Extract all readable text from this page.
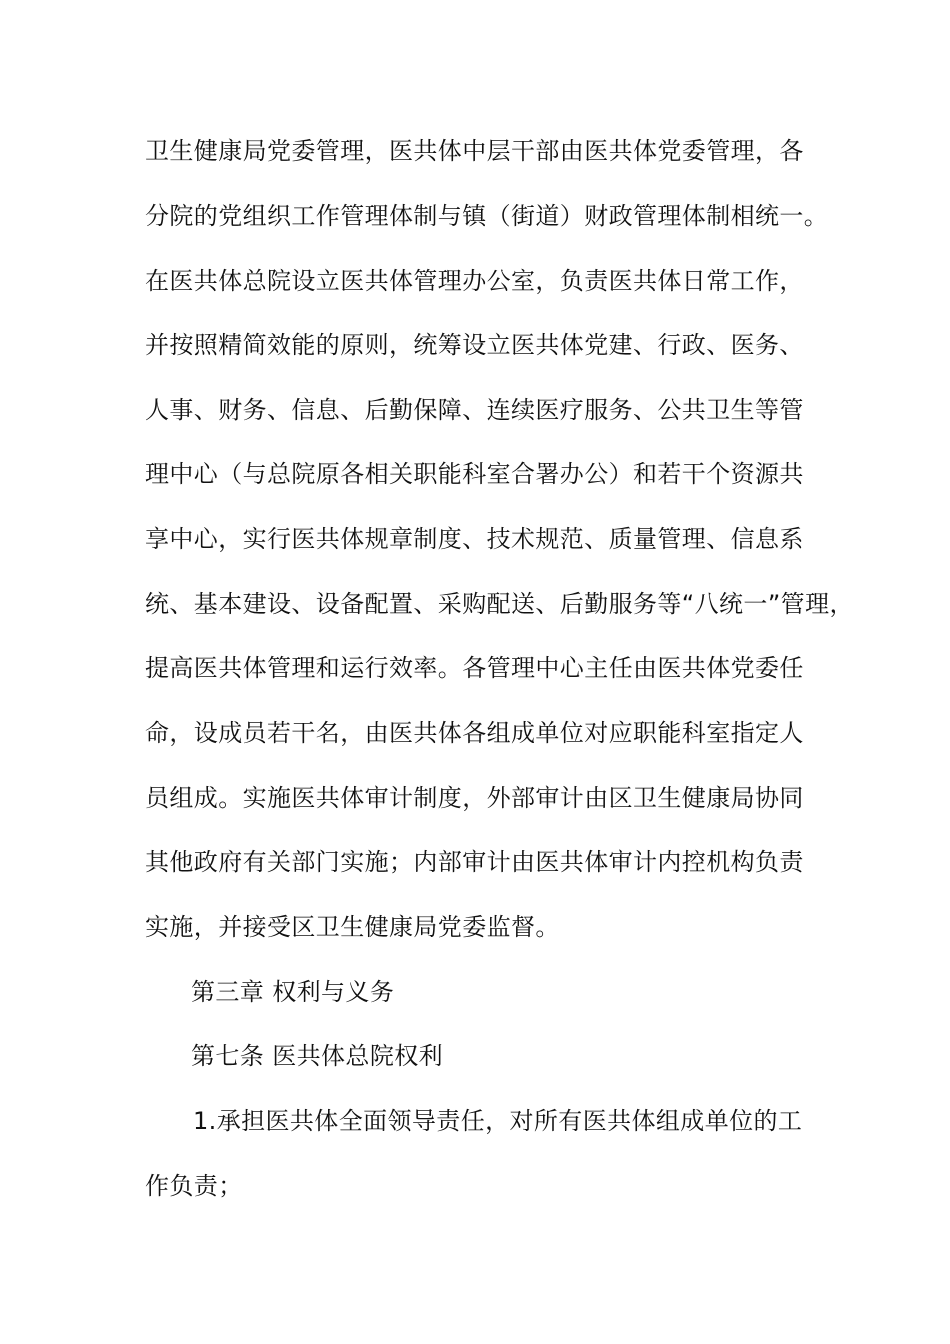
卫生健康局党委管理，医共体中层干部由医共体党委管理，各
分院的党组织工作管理体制与镇（街道）财政管理体制相统一。
在医共体总院设立医共体管理办公室，负责医共体日常工作，
并按照精简效能的原则，统筹设立医共体党建、行政、医务、
人事、财务、信息、后勤保障、连续医疗服务、公共卫生等管
理中心（与总院原各相关职能科室合署办公）和若干个资源共
享中心，实行医共体规章制度、技术规范、质量管理、信息系
统、基本建设、设备配置、采购配送、后勤服务等“八统一”管理，
提高医共体管理和运行效率。各管理中心主任由医共体党委任
命，设成员若干名，由医共体各组成单位对应职能科室指定人
员组成。实施医共体审计制度，外部审计由区卫生健康局协同
其他政府有关部门实施；内部审计由医共体审计内控机构负责
实施，并接受区卫生健康局党委监督。
第三章 权利与义务
第七条 医共体总院权利
1.承担医共体全面领导责任，对所有医共体组成单位的工
作负责；
